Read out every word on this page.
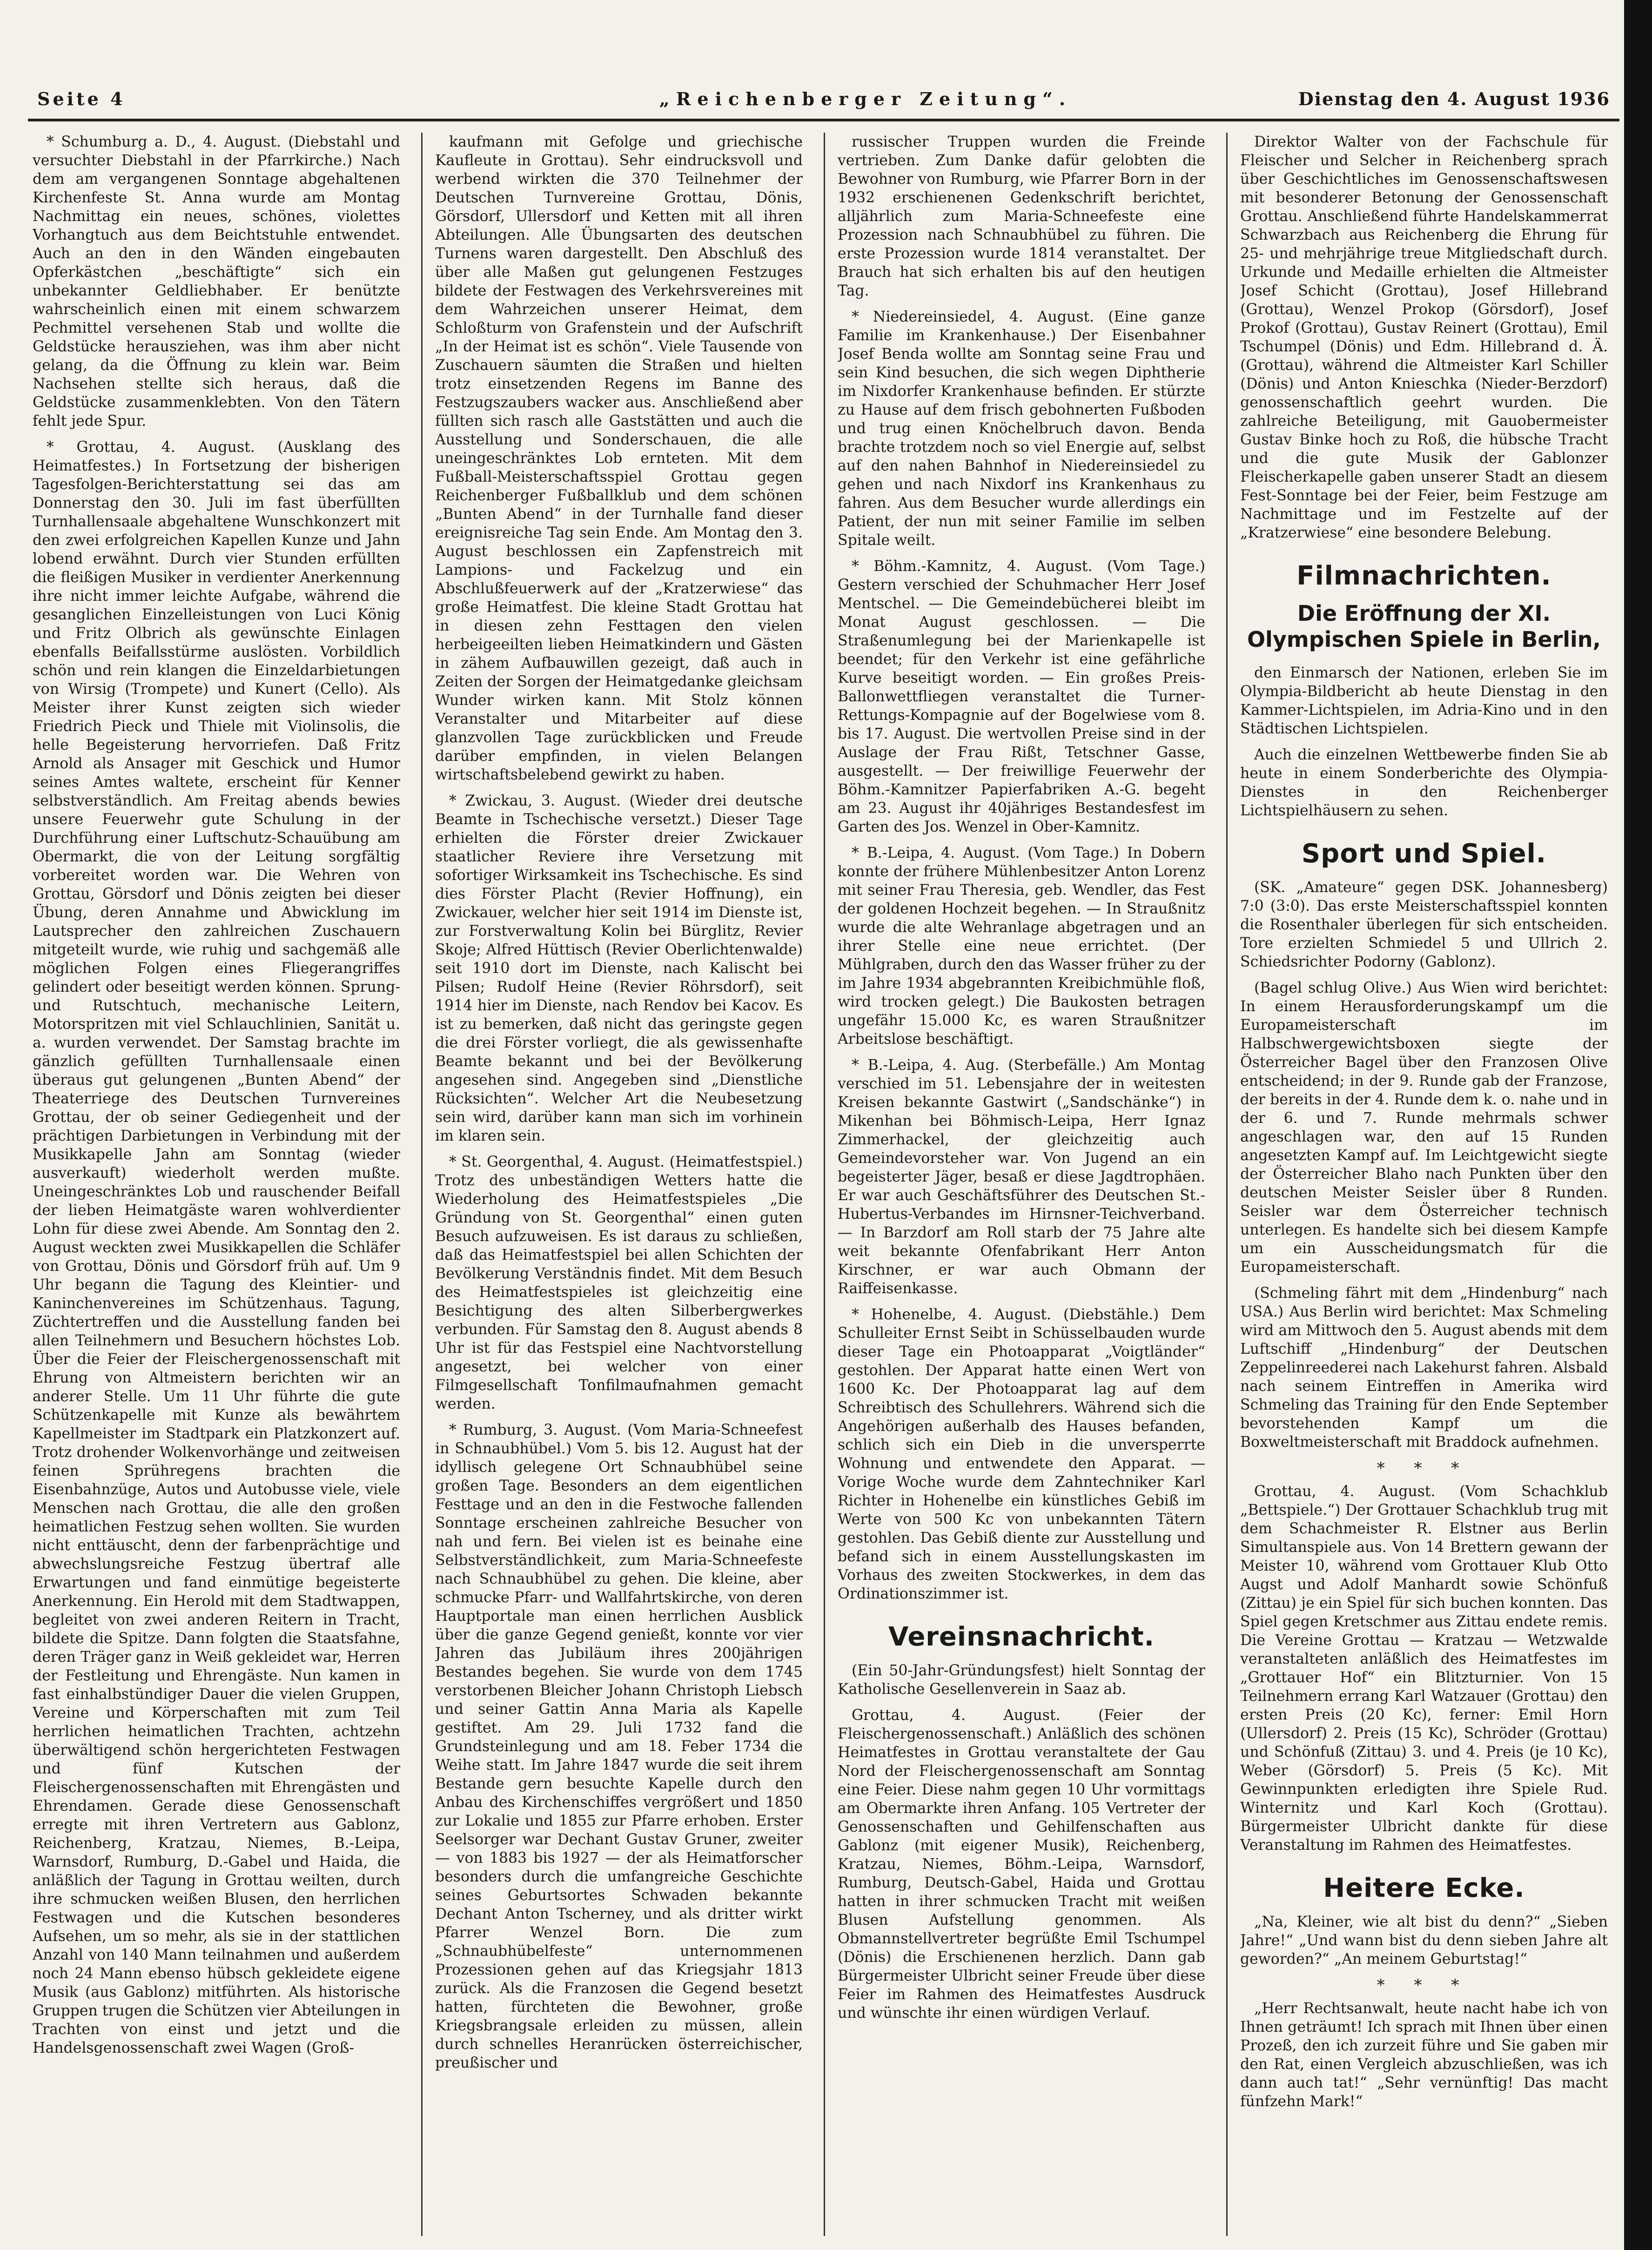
Seite 4	„Reichenberger Zeitung“.	Dienstag den 4. August 1936

* Schumburg a. D., 4. August. (Diebstahl und versuchter Diebstahl in der Pfarrkirche.) Nach dem am vergangenen Sonntage abgehaltenen Kirchenfeste St. Anna wurde am Montag Nachmittag ein neues, schönes, violettes Vorhangtuch aus dem Beichtstuhle entwendet. Auch an den in den Wänden eingebauten Opferkästchen „beschäftigte“ sich ein unbekannter Geldliebhaber. Er benützte wahrscheinlich einen mit einem schwarzem Pechmittel versehenen Stab und wollte die Geldstücke herausziehen, was ihm aber nicht gelang, da die Öffnung zu klein war. Beim Nachsehen stellte sich heraus, daß die Geldstücke zusammenklebten. Von den Tätern fehlt jede Spur.

* Grottau, 4. August. (Ausklang des Heimatfestes.) In Fortsetzung der bisherigen Tagesfolgen-Berichterstattung sei das am Donnerstag den 30. Juli im fast überfüllten Turnhallensaale abgehaltene Wunschkonzert mit den zwei erfolgreichen Kapellen Kunze und Jahn lobend erwähnt. Durch vier Stunden erfüllten die fleißigen Musiker in verdienter Anerkennung ihre nicht immer leichte Aufgabe, während die gesanglichen Einzelleistungen von Luci König und Fritz Olbrich als gewünschte Einlagen ebenfalls Beifallsstürme auslösten. Vorbildlich schön und rein klangen die Einzeldarbietungen von Wirsig (Trompete) und Kunert (Cello). Als Meister ihrer Kunst zeigten sich wieder Friedrich Pieck und Thiele mit Violinsolis, die helle Begeisterung hervorriefen. Daß Fritz Arnold als Ansager mit Geschick und Humor seines Amtes waltete, erscheint für Kenner selbstverständlich. Am Freitag abends bewies unsere Feuerwehr gute Schulung in der Durchführung einer Luftschutz-Schauübung am Obermarkt, die von der Leitung sorgfältig vorbereitet worden war. Die Wehren von Grottau, Görsdorf und Dönis zeigten bei dieser Übung, deren Annahme und Abwicklung im Lautsprecher den zahlreichen Zuschauern mitgeteilt wurde, wie ruhig und sachgemäß alle möglichen Folgen eines Fliegerangriffes gelindert oder beseitigt werden können. Sprung- und Rutschtuch, mechanische Leitern, Motorspritzen mit viel Schlauchlinien, Sanität u. a. wurden verwendet. Der Samstag brachte im gänzlich gefüllten Turnhallensaale einen überaus gut gelungenen „Bunten Abend“ der Theaterriege des Deutschen Turnvereines Grottau, der ob seiner Gediegenheit und der prächtigen Darbietungen in Verbindung mit der Musikkapelle Jahn am Sonntag (wieder ausverkauft) wiederholt werden mußte. Uneingeschränktes Lob und rauschender Beifall der lieben Heimatgäste waren wohlverdienter Lohn für diese zwei Abende. Am Sonntag den 2. August weckten zwei Musikkapellen die Schläfer von Grottau, Dönis und Görsdorf früh auf. Um 9 Uhr begann die Tagung des Kleintier- und Kaninchenvereines im Schützenhaus. Tagung, Züchtertreffen und die Ausstellung fanden bei allen Teilnehmern und Besuchern höchstes Lob. Über die Feier der Fleischergenossenschaft mit Ehrung von Altmeistern berichten wir an anderer Stelle. Um 11 Uhr führte die gute Schützenkapelle mit Kunze als bewährtem Kapellmeister im Stadtpark ein Platzkonzert auf. Trotz drohender Wolkenvorhänge und zeitweisen feinen Sprühregens brachten die Eisenbahnzüge, Autos und Autobusse viele, viele Menschen nach Grottau, die alle den großen heimatlichen Festzug sehen wollten. Sie wurden nicht enttäuscht, denn der farbenprächtige und abwechslungsreiche Festzug übertraf alle Erwartungen und fand einmütige begeisterte Anerkennung. Ein Herold mit dem Stadtwappen, begleitet von zwei anderen Reitern in Tracht, bildete die Spitze. Dann folgten die Staatsfahne, deren Träger ganz in Weiß gekleidet war, Herren der Festleitung und Ehrengäste. Nun kamen in fast einhalbstündiger Dauer die vielen Gruppen, Vereine und Körperschaften mit zum Teil herrlichen heimatlichen Trachten, achtzehn überwältigend schön hergerichteten Festwagen und fünf Kutschen der Fleischergenossenschaften mit Ehrengästen und Ehrendamen. Gerade diese Genossenschaft erregte mit ihren Vertretern aus Gablonz, Reichenberg, Kratzau, Niemes, B.-Leipa, Warnsdorf, Rumburg, D.-Gabel und Haida, die anläßlich der Tagung in Grottau weilten, durch ihre schmucken weißen Blusen, den herrlichen Festwagen und die Kutschen besonderes Aufsehen, um so mehr, als sie in der stattlichen Anzahl von 140 Mann teilnahmen und außerdem noch 24 Mann ebenso hübsch gekleidete eigene Musik (aus Gablonz) mitführten. Als historische Gruppen trugen die Schützen vier Abteilungen in Trachten von einst und jetzt und die Handelsgenossenschaft zwei Wagen (Groß-

kaufmann mit Gefolge und griechische Kaufleute in Grottau). Sehr eindrucksvoll und werbend wirkten die 370 Teilnehmer der Deutschen Turnvereine Grottau, Dönis, Görsdorf, Ullersdorf und Ketten mit all ihren Abteilungen. Alle Übungsarten des deutschen Turnens waren dargestellt. Den Abschluß des über alle Maßen gut gelungenen Festzuges bildete der Festwagen des Verkehrsvereines mit dem Wahrzeichen unserer Heimat, dem Schloßturm von Grafenstein und der Aufschrift „In der Heimat ist es schön“. Viele Tausende von Zuschauern säumten die Straßen und hielten trotz einsetzenden Regens im Banne des Festzugszaubers wacker aus. Anschließend aber füllten sich rasch alle Gaststätten und auch die Ausstellung und Sonderschauen, die alle uneingeschränktes Lob ernteten. Mit dem Fußball-Meisterschaftsspiel Grottau gegen Reichenberger Fußballklub und dem schönen „Bunten Abend“ in der Turnhalle fand dieser ereignisreiche Tag sein Ende. Am Montag den 3. August beschlossen ein Zapfenstreich mit Lampions- und Fackelzug und ein Abschlußfeuerwerk auf der „Kratzerwiese“ das große Heimatfest. Die kleine Stadt Grottau hat in diesen zehn Festtagen den vielen herbeigeeilten lieben Heimatkindern und Gästen in zähem Aufbauwillen gezeigt, daß auch in Zeiten der Sorgen der Heimatgedanke gleichsam Wunder wirken kann. Mit Stolz können Veranstalter und Mitarbeiter auf diese glanzvollen Tage zurückblicken und Freude darüber empfinden, in vielen Belangen wirtschaftsbelebend gewirkt zu haben.

* Zwickau, 3. August. (Wieder drei deutsche Beamte in Tschechische versetzt.) Dieser Tage erhielten die Förster dreier Zwickauer staatlicher Reviere ihre Versetzung mit sofortiger Wirksamkeit ins Tschechische. Es sind dies Förster Placht (Revier Hoffnung), ein Zwickauer, welcher hier seit 1914 im Dienste ist, zur Forstverwaltung Kolin bei Bürglitz, Revier Skoje; Alfred Hüttisch (Revier Oberlichtenwalde) seit 1910 dort im Dienste, nach Kalischt bei Pilsen; Rudolf Heine (Revier Röhrsdorf), seit 1914 hier im Dienste, nach Rendov bei Kacov. Es ist zu bemerken, daß nicht das geringste gegen die drei Förster vorliegt, die als gewissenhafte Beamte bekannt und bei der Bevölkerung angesehen sind. Angegeben sind „Dienstliche Rücksichten“. Welcher Art die Neubesetzung sein wird, darüber kann man sich im vorhinein im klaren sein.

* St. Georgenthal, 4. August. (Heimatfestspiel.) Trotz des unbeständigen Wetters hatte die Wiederholung des Heimatfestspieles „Die Gründung von St. Georgenthal“ einen guten Besuch aufzuweisen. Es ist daraus zu schließen, daß das Heimatfestspiel bei allen Schichten der Bevölkerung Verständnis findet. Mit dem Besuch des Heimatfestspieles ist gleichzeitig eine Besichtigung des alten Silberbergwerkes verbunden. Für Samstag den 8. August abends 8 Uhr ist für das Festspiel eine Nachtvorstellung angesetzt, bei welcher von einer Filmgesellschaft Tonfilmaufnahmen gemacht werden.

* Rumburg, 3. August. (Vom Maria-Schneefest in Schnaubhübel.) Vom 5. bis 12. August hat der idyllisch gelegene Ort Schnaubhübel seine großen Tage. Besonders an dem eigentlichen Festtage und an den in die Festwoche fallenden Sonntage erscheinen zahlreiche Besucher von nah und fern. Bei vielen ist es beinahe eine Selbstverständlichkeit, zum Maria-Schneefeste nach Schnaubhübel zu gehen. Die kleine, aber schmucke Pfarr- und Wallfahrtskirche, von deren Hauptportale man einen herrlichen Ausblick über die ganze Gegend genießt, konnte vor vier Jahren das Jubiläum ihres 200jährigen Bestandes begehen. Sie wurde von dem 1745 verstorbenen Bleicher Johann Christoph Liebsch und seiner Gattin Anna Maria als Kapelle gestiftet. Am 29. Juli 1732 fand die Grundsteinlegung und am 18. Feber 1734 die Weihe statt. Im Jahre 1847 wurde die seit ihrem Bestande gern besuchte Kapelle durch den Anbau des Kirchenschiffes vergrößert und 1850 zur Lokalie und 1855 zur Pfarre erhoben. Erster Seelsorger war Dechant Gustav Gruner, zweiter — von 1883 bis 1927 — der als Heimatforscher besonders durch die umfangreiche Geschichte seines Geburtsortes Schwaden bekannte Dechant Anton Tscherney, und als dritter wirkt Pfarrer Wenzel Born. Die zum „Schnaubhübelfeste“ unternommenen Prozessionen gehen auf das Kriegsjahr 1813 zurück. Als die Franzosen die Gegend besetzt hatten, fürchteten die Bewohner, große Kriegsbrangsale erleiden zu müssen, allein durch schnelles Heranrücken österreichischer, preußischer und

russischer Truppen wurden die Freinde vertrieben. Zum Danke dafür gelobten die Bewohner von Rumburg, wie Pfarrer Born in der 1932 erschienenen Gedenkschrift berichtet, alljährlich zum Maria-Schneefeste eine Prozession nach Schnaubhübel zu führen. Die erste Prozession wurde 1814 veranstaltet. Der Brauch hat sich erhalten bis auf den heutigen Tag.

* Niedereinsiedel, 4. August. (Eine ganze Familie im Krankenhause.) Der Eisenbahner Josef Benda wollte am Sonntag seine Frau und sein Kind besuchen, die sich wegen Diphtherie im Nixdorfer Krankenhause befinden. Er stürzte zu Hause auf dem frisch gebohnerten Fußboden und trug einen Knöchelbruch davon. Benda brachte trotzdem noch so viel Energie auf, selbst auf den nahen Bahnhof in Niedereinsiedel zu gehen und nach Nixdorf ins Krankenhaus zu fahren. Aus dem Besucher wurde allerdings ein Patient, der nun mit seiner Familie im selben Spitale weilt.

* Böhm.-Kamnitz, 4. August. (Vom Tage.) Gestern verschied der Schuhmacher Herr Josef Mentschel. — Die Gemeindebücherei bleibt im Monat August geschlossen. — Die Straßenumlegung bei der Marienkapelle ist beendet; für den Verkehr ist eine gefährliche Kurve beseitigt worden. — Ein großes Preis-Ballonwettfliegen veranstaltet die Turner-Rettungs-Kompagnie auf der Bogelwiese vom 8. bis 17. August. Die wertvollen Preise sind in der Auslage der Frau Rißt, Tetschner Gasse, ausgestellt. — Der freiwillige Feuerwehr der Böhm.-Kamnitzer Papierfabriken A.-G. begeht am 23. August ihr 40jähriges Bestandesfest im Garten des Jos. Wenzel in Ober-Kamnitz.

* B.-Leipa, 4. August. (Vom Tage.) In Dobern konnte der frühere Mühlenbesitzer Anton Lorenz mit seiner Frau Theresia, geb. Wendler, das Fest der goldenen Hochzeit begehen. — In Straußnitz wurde die alte Wehranlage abgetragen und an ihrer Stelle eine neue errichtet. (Der Mühlgraben, durch den das Wasser früher zu der im Jahre 1934 abgebrannten Kreibichmühle floß, wird trocken gelegt.) Die Baukosten betragen ungefähr 15.000 Kc, es waren Straußnitzer Arbeitslose beschäftigt.

* B.-Leipa, 4. Aug. (Sterbefälle.) Am Montag verschied im 51. Lebensjahre der in weitesten Kreisen bekannte Gastwirt („Sandschänke“) in Mikenhan bei Böhmisch-Leipa, Herr Ignaz Zimmerhackel, der gleichzeitig auch Gemeindevorsteher war. Von Jugend an ein begeisterter Jäger, besaß er diese Jagdtrophäen. Er war auch Geschäftsführer des Deutschen St.-Hubertus-Verbandes im Hirnsner-Teichverband. — In Barzdorf am Roll starb der 75 Jahre alte weit bekannte Ofenfabrikant Herr Anton Kirschner, er war auch Obmann der Raiffeisenkasse.

* Hohenelbe, 4. August. (Diebstähle.) Dem Schulleiter Ernst Seibt in Schüsselbauden wurde dieser Tage ein Photoapparat „Voigtländer“ gestohlen. Der Apparat hatte einen Wert von 1600 Kc. Der Photoapparat lag auf dem Schreibtisch des Schullehrers. Während sich die Angehörigen außerhalb des Hauses befanden, schlich sich ein Dieb in die unversperrte Wohnung und entwendete den Apparat. — Vorige Woche wurde dem Zahntechniker Karl Richter in Hohenelbe ein künstliches Gebiß im Werte von 500 Kc von unbekannten Tätern gestohlen. Das Gebiß diente zur Ausstellung und befand sich in einem Ausstellungskasten im Vorhaus des zweiten Stockwerkes, in dem das Ordinationszimmer ist.

Vereinsnachricht.

(Ein 50-Jahr-Gründungsfest) hielt Sonntag der Katholische Gesellenverein in Saaz ab.

Grottau, 4. August. (Feier der Fleischergenossenschaft.) Anläßlich des schönen Heimatfestes in Grottau veranstaltete der Gau Nord der Fleischergenossenschaft am Sonntag eine Feier. Diese nahm gegen 10 Uhr vormittags am Obermarkte ihren Anfang. 105 Vertreter der Genossenschaften und Gehilfenschaften aus Gablonz (mit eigener Musik), Reichenberg, Kratzau, Niemes, Böhm.-Leipa, Warnsdorf, Rumburg, Deutsch-Gabel, Haida und Grottau hatten in ihrer schmucken Tracht mit weißen Blusen Aufstellung genommen. Als Obmannstellvertreter begrüßte Emil Tschumpel (Dönis) die Erschienenen herzlich. Dann gab Bürgermeister Ulbricht seiner Freude über diese Feier im Rahmen des Heimatfestes Ausdruck und wünschte ihr einen würdigen Verlauf.

Direktor Walter von der Fachschule für Fleischer und Selcher in Reichenberg sprach über Geschichtliches im Genossenschaftswesen mit besonderer Betonung der Genossenschaft Grottau. Anschließend führte Handelskammerrat Schwarzbach aus Reichenberg die Ehrung für 25- und mehrjährige treue Mitgliedschaft durch. Urkunde und Medaille erhielten die Altmeister Josef Schicht (Grottau), Josef Hillebrand (Grottau), Wenzel Prokop (Görsdorf), Josef Prokof (Grottau), Gustav Reinert (Grottau), Emil Tschumpel (Dönis) und Edm. Hillebrand d. Ä. (Grottau), während die Altmeister Karl Schiller (Dönis) und Anton Knieschka (Nieder-Berzdorf) genossenschaftlich geehrt wurden. Die zahlreiche Beteiligung, mit Gauobermeister Gustav Binke hoch zu Roß, die hübsche Tracht und die gute Musik der Gablonzer Fleischerkapelle gaben unserer Stadt an diesem Fest-Sonntage bei der Feier, beim Festzuge am Nachmittage und im Festzelte auf der „Kratzerwiese“ eine besondere Belebung.

Filmnachrichten.
Die Eröffnung der XI. Olympischen Spiele in Berlin,

den Einmarsch der Nationen, erleben Sie im Olympia-Bildbericht ab heute Dienstag in den Kammer-Lichtspielen, im Adria-Kino und in den Städtischen Lichtspielen.

Auch die einzelnen Wettbewerbe finden Sie ab heute in einem Sonderberichte des Olympia-Dienstes in den Reichenberger Lichtspielhäusern zu sehen.

Sport und Spiel.

(SK. „Amateure“ gegen DSK. Johannesberg) 7:0 (3:0). Das erste Meisterschaftsspiel konnten die Rosenthaler überlegen für sich entscheiden. Tore erzielten Schmiedel 5 und Ullrich 2. Schiedsrichter Podorny (Gablonz).

(Bagel schlug Olive.) Aus Wien wird berichtet: In einem Herausforderungskampf um die Europameisterschaft im Halbschwergewichtsboxen siegte der Österreicher Bagel über den Franzosen Olive entscheidend; in der 9. Runde gab der Franzose, der bereits in der 4. Runde dem k. o. nahe und in der 6. und 7. Runde mehrmals schwer angeschlagen war, den auf 15 Runden angesetzten Kampf auf. Im Leichtgewicht siegte der Österreicher Blaho nach Punkten über den deutschen Meister Seisler über 8 Runden. Seisler war dem Österreicher technisch unterlegen. Es handelte sich bei diesem Kampfe um ein Ausscheidungsmatch für die Europameisterschaft.

(Schmeling fährt mit dem „Hindenburg“ nach USA.) Aus Berlin wird berichtet: Max Schmeling wird am Mittwoch den 5. August abends mit dem Luftschiff „Hindenburg“ der Deutschen Zeppelinreederei nach Lakehurst fahren. Alsbald nach seinem Eintreffen in Amerika wird Schmeling das Training für den Ende September bevorstehenden Kampf um die Boxweltmeisterschaft mit Braddock aufnehmen.

* * *

Grottau, 4. August. (Vom Schachklub „Bettspiele.“) Der Grottauer Schachklub trug mit dem Schachmeister R. Elstner aus Berlin Simultanspiele aus. Von 14 Brettern gewann der Meister 10, während vom Grottauer Klub Otto Augst und Adolf Manhardt sowie Schönfuß (Zittau) je ein Spiel für sich buchen konnten. Das Spiel gegen Kretschmer aus Zittau endete remis. Die Vereine Grottau — Kratzau — Wetzwalde veranstalteten anläßlich des Heimatfestes im „Grottauer Hof“ ein Blitzturnier. Von 15 Teilnehmern errang Karl Watzauer (Grottau) den ersten Preis (20 Kc), ferner: Emil Horn (Ullersdorf) 2. Preis (15 Kc), Schröder (Grottau) und Schönfuß (Zittau) 3. und 4. Preis (je 10 Kc), Weber (Görsdorf) 5. Preis (5 Kc). Mit Gewinnpunkten erledigten ihre Spiele Rud. Winternitz und Karl Koch (Grottau). Bürgermeister Ulbricht dankte für diese Veranstaltung im Rahmen des Heimatfestes.

Heitere Ecke.

„Na, Kleiner, wie alt bist du denn?“ „Sieben Jahre!“ „Und wann bist du denn sieben Jahre alt geworden?“ „An meinem Geburtstag!“

* * *

„Herr Rechtsanwalt, heute nacht habe ich von Ihnen geträumt! Ich sprach mit Ihnen über einen Prozeß, den ich zurzeit führe und Sie gaben mir den Rat, einen Vergleich abzuschließen, was ich dann auch tat!“ „Sehr vernünftig! Das macht fünfzehn Mark!“
